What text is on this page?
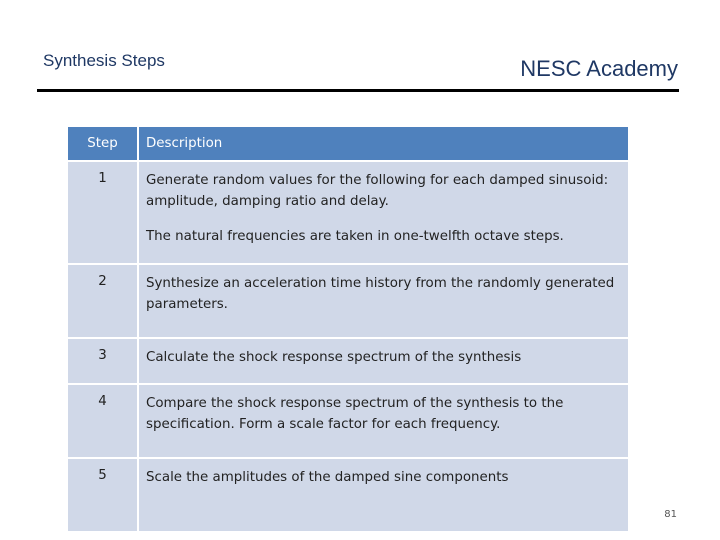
Synthesis Steps	NESC Academy
Step	Description
1	Generate random values for the following for each damped sinusoid: amplitude, damping ratio and delay.

The natural frequencies are taken in one-twelfth octave steps.

2	Synthesize an acceleration time history from the randomly generated parameters.

3	Calculate the shock response spectrum of the synthesis

4	Compare the shock response spectrum of the synthesis to the specification. Form a scale factor for each frequency.

5	Scale the amplitudes of the damped sine components

81
